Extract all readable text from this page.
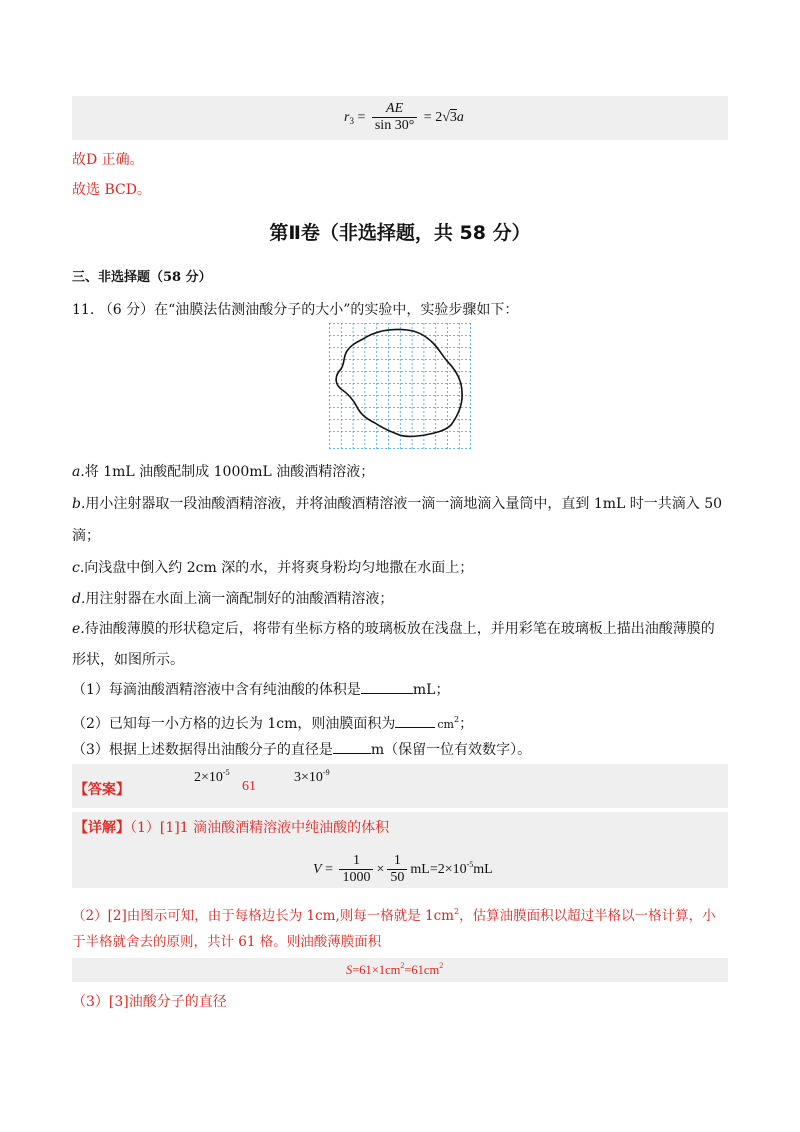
$r_3 = \frac{AE}{\sin 30^\circ} = 2√3a$
故D 正确。
故选 BCD。
第Ⅱ卷（非选择题，共 58 分）
三、非选择题（58 分）
11. （6 分）在“油膜法估测油酸分子的大小”的实验中，实验步骤如下：
a.将 1mL 油酸配制成 1000mL 油酸酒精溶液；
b.用小注射器取一段油酸酒精溶液，并将油酸酒精溶液一滴一滴地滴入量筒中，直到 1mL 时一共滴入 50
滴；
c.向浅盘中倒入约 2cm 深的水，并将爽身粉均匀地撒在水面上；
d.用注射器在水面上滴一滴配制好的油酸酒精溶液；
e.待油酸薄膜的形状稳定后，将带有坐标方格的玻璃板放在浅盘上，并用彩笔在玻璃板上描出油酸薄膜的
形状，如图所示。
（1）每滴油酸酒精溶液中含有纯油酸的体积是	mL；
（2）已知每一小方格的边长为 1cm，则油膜面积为	$cm^2$；
（3）根据上述数据得出油酸分子的直径是	m（保留一位有效数字）。
【答案】
$2\times 10^{-5}$
61
$3\times 10^{-9}$
【详解】（1）[1]1 滴油酸酒精溶液中纯油酸的体积
$V = \frac{1}{1000} \times \frac{1}{50} mL=2\times 10^{-5}mL$
（2）[2]由图示可知，由于每格边长为 1cm,则每一格就是 $1cm^2$，估算油膜面积以超过半格以一格计算，小
于半格就舍去的原则，共计 61 格。则油酸薄膜面积
$S=61\times 1cm^2=61cm^2$
（3）[3]油酸分子的直径
